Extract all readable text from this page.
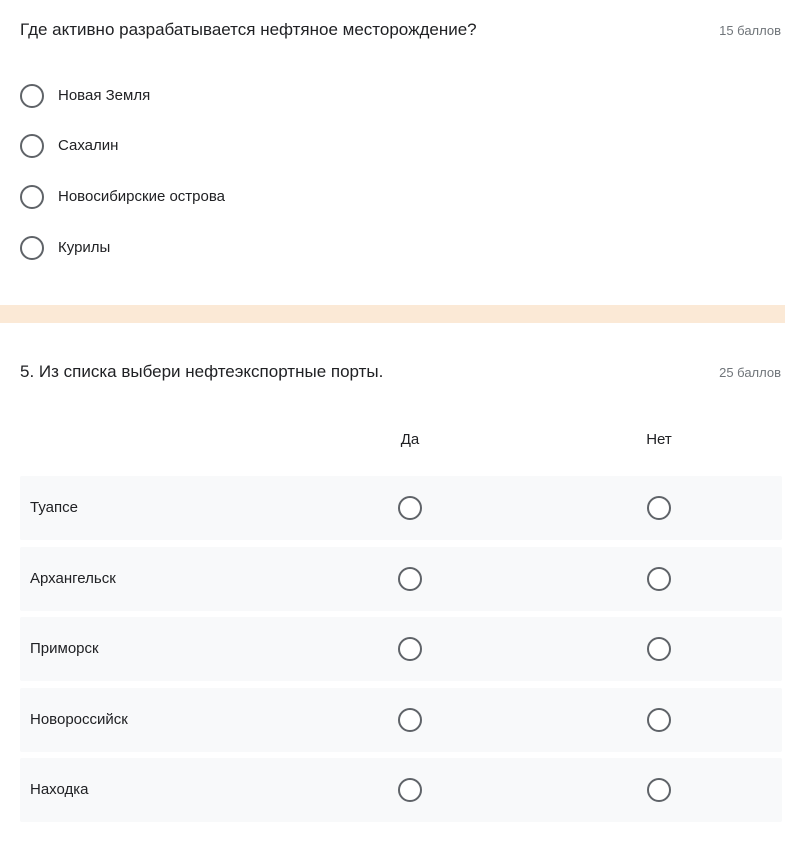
Где активно разрабатывается нефтяное месторождение?	15 баллов
Новая Земля
Сахалин
Новосибирские острова
Курилы
5. Из списка выбери нефтеэкспортные порты.	25 баллов
Да	Нет
Туапсе
Архангельск
Приморск
Новороссийск
Находка
